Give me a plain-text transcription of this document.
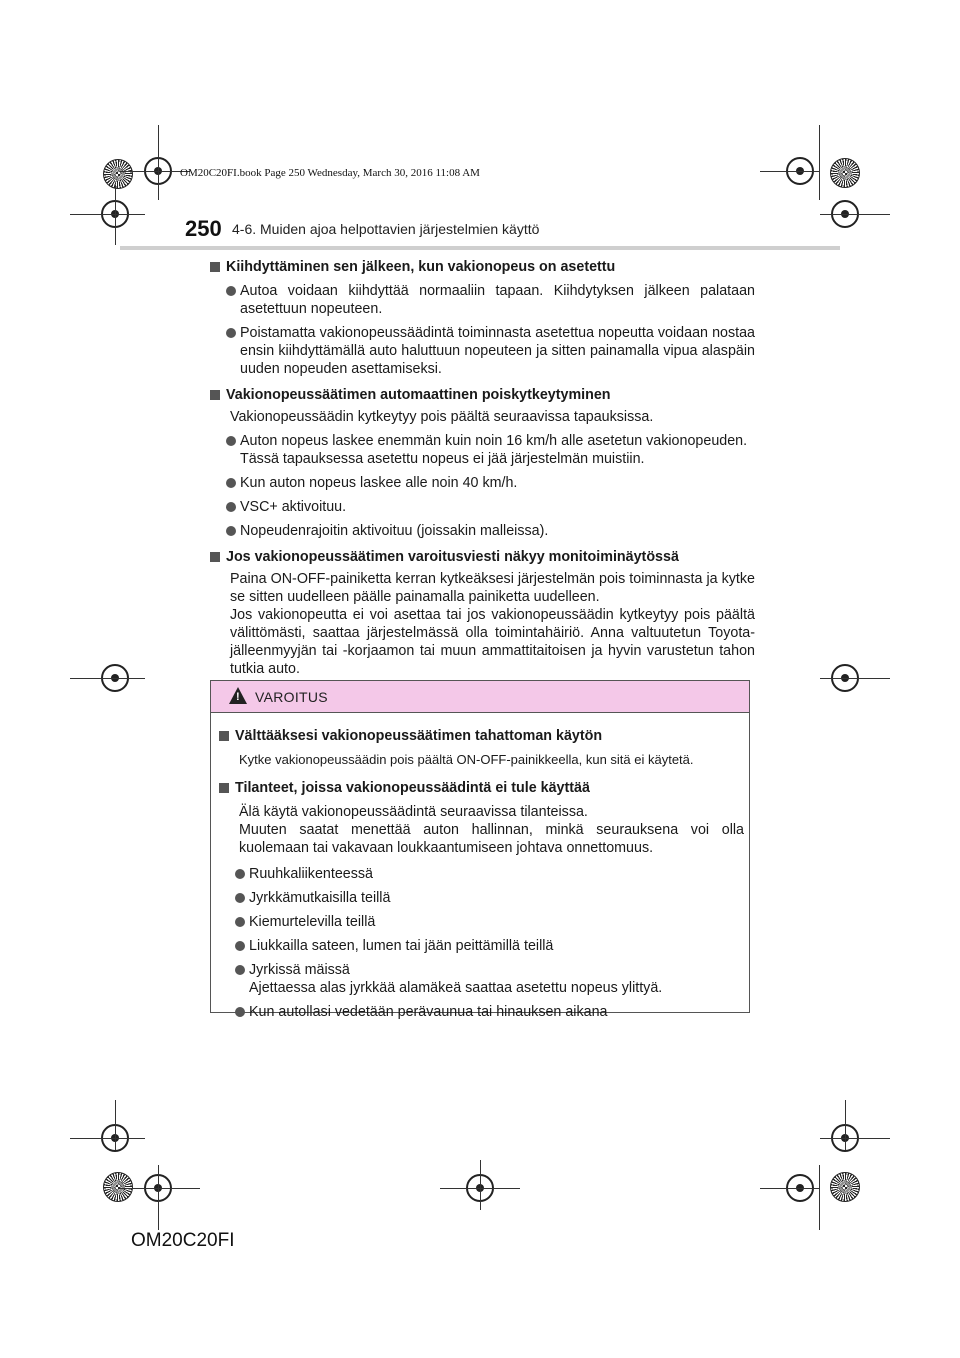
OM20C20FI.book Page 250 Wednesday, March 30, 2016 11:08 AM
250 4-6. Muiden ajoa helpottavien järjestelmien käyttö
Kiihdyttäminen sen jälkeen, kun vakionopeus on asetettu
Autoa voidaan kiihdyttää normaaliin tapaan. Kiihdytyksen jälkeen palataan asetettuun nopeuteen.
Poistamatta vakionopeussäädintä toiminnasta asetettua nopeutta voidaan nostaa ensin kiihdyttämällä auto haluttuun nopeuteen ja sitten painamalla vipua alaspäin uuden nopeuden asettamiseksi.
Vakionopeussäätimen automaattinen poiskytkeytyminen
Vakionopeussäädin kytkeytyy pois päältä seuraavissa tapauksissa.
Auton nopeus laskee enemmän kuin noin 16 km/h alle asetetun vakionopeuden.
Tässä tapauksessa asetettu nopeus ei jää järjestelmän muistiin.
Kun auton nopeus laskee alle noin 40 km/h.
VSC+ aktivoituu.
Nopeudenrajoitin aktivoituu (joissakin malleissa).
Jos vakionopeussäätimen varoitusviesti näkyy monitoiminäytössä
Paina ON-OFF-painiketta kerran kytkeäksesi järjestelmän pois toiminnasta ja kytke se sitten uudelleen päälle painamalla painiketta uudelleen.
Jos vakionopeutta ei voi asettaa tai jos vakionopeussäädin kytkeytyy pois päältä välittömästi, saattaa järjestelmässä olla toimintahäiriö. Anna valtuutetun Toyota-jälleenmyyjän tai -korjaamon tai muun ammattitaitoisen ja hyvin varustetun tahon tutkia auto.
! VAROITUS
Välttääksesi vakionopeussäätimen tahattoman käytön
Kytke vakionopeussäädin pois päältä ON-OFF-painikkeella, kun sitä ei käytetä.
Tilanteet, joissa vakionopeussäädintä ei tule käyttää
Älä käytä vakionopeussäädintä seuraavissa tilanteissa.
Muuten saatat menettää auton hallinnan, minkä seurauksena voi olla kuolemaan tai vakavaan loukkaantumiseen johtava onnettomuus.
Ruuhkaliikenteessä
Jyrkkämutkaisilla teillä
Kiemurtelevilla teillä
Liukkailla sateen, lumen tai jään peittämillä teillä
Jyrkissä mäissä
Ajettaessa alas jyrkkää alamäkeä saattaa asetettu nopeus ylittyä.
Kun autollasi vedetään perävaunua tai hinauksen aikana
OM20C20FI
